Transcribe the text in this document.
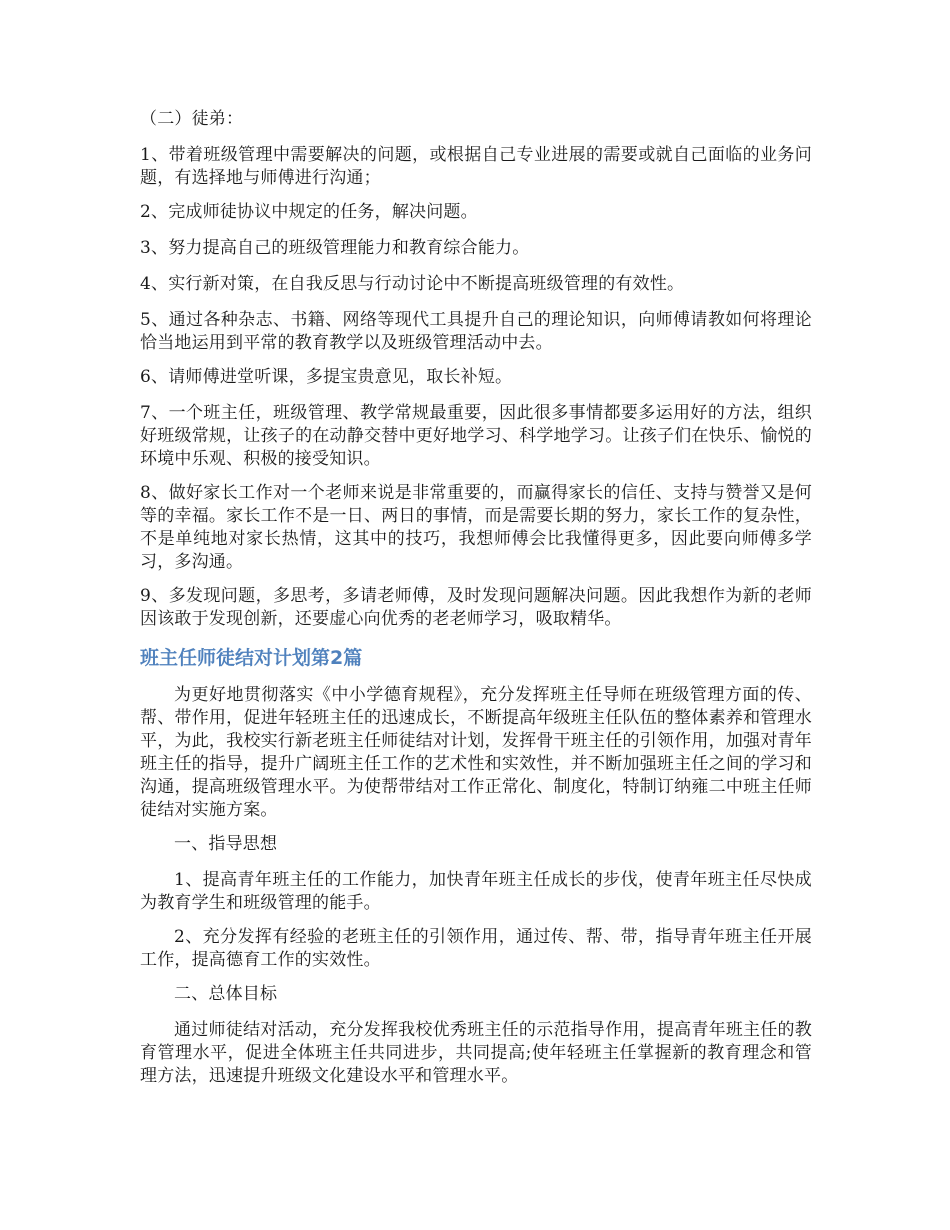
（二）徒弟：

1、带着班级管理中需要解决的问题，或根据自己专业进展的需要或就自己面临的业务问题，有选择地与师傅进行沟通；

2、完成师徒协议中规定的任务，解决问题。

3、努力提高自己的班级管理能力和教育综合能力。

4、实行新对策，在自我反思与行动讨论中不断提高班级管理的有效性。

5、通过各种杂志、书籍、网络等现代工具提升自己的理论知识，向师傅请教如何将理论恰当地运用到平常的教育教学以及班级管理活动中去。

6、请师傅进堂听课，多提宝贵意见，取长补短。

7、一个班主任，班级管理、教学常规最重要，因此很多事情都要多运用好的方法，组织好班级常规，让孩子的在动静交替中更好地学习、科学地学习。让孩子们在快乐、愉悦的环境中乐观、积极的接受知识。

8、做好家长工作对一个老师来说是非常重要的，而赢得家长的信任、支持与赞誉又是何等的幸福。家长工作不是一日、两日的事情，而是需要长期的努力，家长工作的复杂性，不是单纯地对家长热情，这其中的技巧，我想师傅会比我懂得更多，因此要向师傅多学习，多沟通。

9、多发现问题，多思考，多请老师傅，及时发现问题解决问题。因此我想作为新的老师因该敢于发现创新，还要虚心向优秀的老老师学习，吸取精华。

班主任师徒结对计划第2篇

为更好地贯彻落实《中小学德育规程》，充分发挥班主任导师在班级管理方面的传、帮、带作用，促进年轻班主任的迅速成长，不断提高年级班主任队伍的整体素养和管理水平，为此，我校实行新老班主任师徒结对计划，发挥骨干班主任的引领作用，加强对青年班主任的指导，提升广阔班主任工作的艺术性和实效性，并不断加强班主任之间的学习和沟通，提高班级管理水平。为使帮带结对工作正常化、制度化，特制订纳雍二中班主任师徒结对实施方案。

一、指导思想

1、提高青年班主任的工作能力，加快青年班主任成长的步伐，使青年班主任尽快成为教育学生和班级管理的能手。

2、充分发挥有经验的老班主任的引领作用，通过传、帮、带，指导青年班主任开展工作，提高德育工作的实效性。

二、总体目标

通过师徒结对活动，充分发挥我校优秀班主任的示范指导作用，提高青年班主任的教育管理水平，促进全体班主任共同进步，共同提高;使年轻班主任掌握新的教育理念和管理方法，迅速提升班级文化建设水平和管理水平。
